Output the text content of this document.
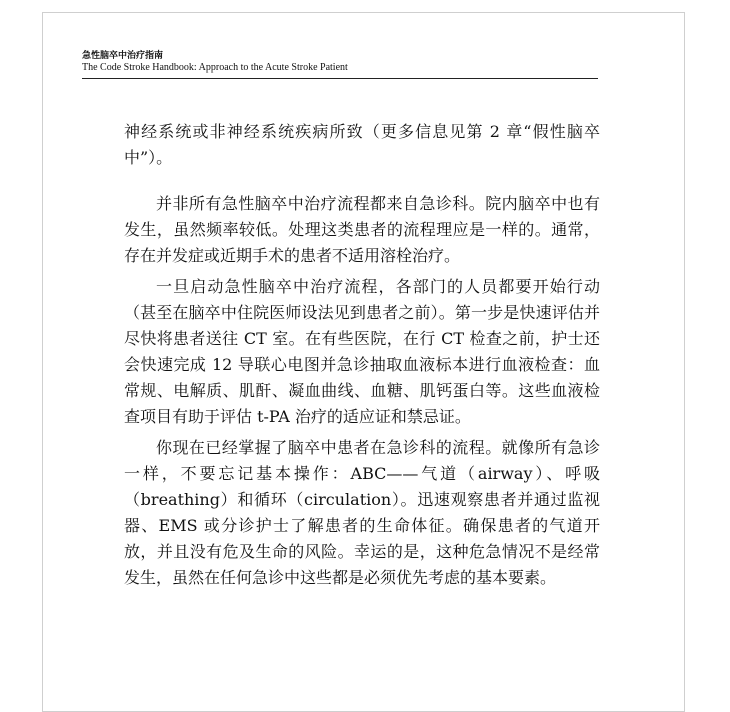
急性脑卒中治疗指南
The Code Stroke Handbook: Approach to the Acute Stroke Patient

神经系统或非神经系统疾病所致（更多信息见第 2 章“假性脑卒中”）。

并非所有急性脑卒中治疗流程都来自急诊科。院内脑卒中也有发生，虽然频率较低。处理这类患者的流程理应是一样的。通常，存在并发症或近期手术的患者不适用溶栓治疗。

一旦启动急性脑卒中治疗流程，各部门的人员都要开始行动（甚至在脑卒中住院医师设法见到患者之前）。第一步是快速评估并尽快将患者送往 CT 室。在有些医院，在行 CT 检查之前，护士还会快速完成 12 导联心电图并急诊抽取血液标本进行血液检查：血常规、电解质、肌酐、凝血曲线、血糖、肌钙蛋白等。这些血液检查项目有助于评估 t-PA 治疗的适应证和禁忌证。

你现在已经掌握了脑卒中患者在急诊科的流程。就像所有急诊一样，不要忘记基本操作：ABC——气道（airway）、呼吸（breathing）和循环（circulation）。迅速观察患者并通过监视器、EMS 或分诊护士了解患者的生命体征。确保患者的气道开放，并且没有危及生命的风险。幸运的是，这种危急情况不是经常发生，虽然在任何急诊中这些都是必须优先考虑的基本要素。
